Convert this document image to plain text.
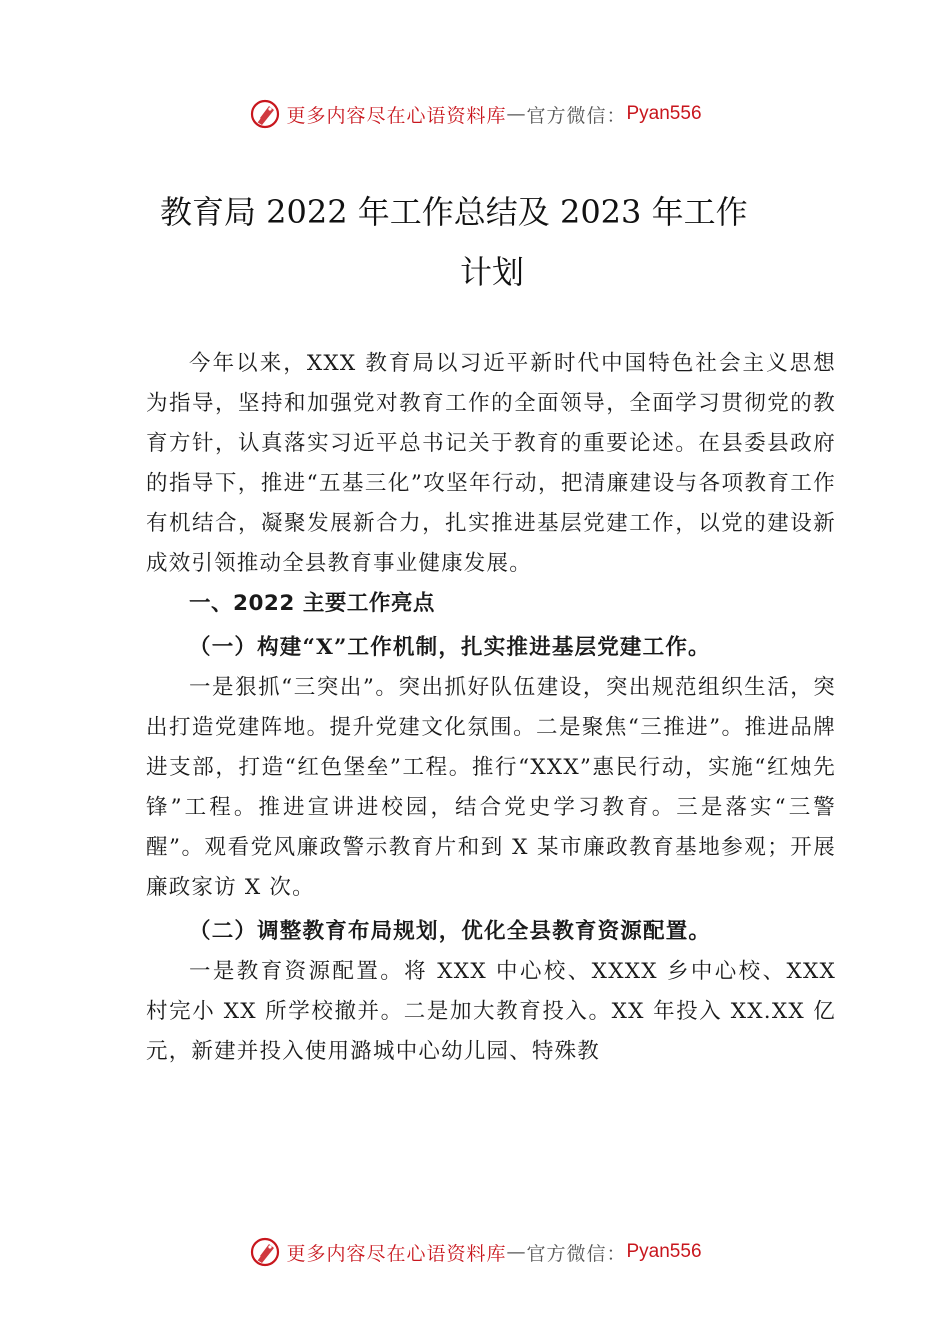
更多内容尽在心语资料库 — 官方微信： Pyan556
教育局 2022 年工作总结及 2023 年工作
计划

今年以来，XXX 教育局以习近平新时代中国特色社会主义思想为指导，坚持和加强党对教育工作的全面领导，全面学习贯彻党的教育方针，认真落实习近平总书记关于教育的重要论述。在县委县政府的指导下，推进“五基三化”攻坚年行动，把清廉建设与各项教育工作有机结合，凝聚发展新合力，扎实推进基层党建工作，以党的建设新成效引领推动全县教育事业健康发展。

一、2022 主要工作亮点

（一）构建“X”工作机制，扎实推进基层党建工作。

一是狠抓“三突出”。突出抓好队伍建设，突出规范组织生活，突出打造党建阵地。提升党建文化氛围。二是聚焦“三推进”。推进品牌进支部，打造“红色堡垒”工程。推行“XXX”惠民行动，实施“红烛先锋”工程。推进宣讲进校园，结合党史学习教育。三是落实“三警醒”。观看党风廉政警示教育片和到 X 某市廉政教育基地参观；开展廉政家访 X 次。

（二）调整教育布局规划，优化全县教育资源配置。

一是教育资源配置。将 XXX 中心校、XXXX 乡中心校、XXX 村完小 XX 所学校撤并。二是加大教育投入。XX 年投入 XX.XX 亿元，新建并投入使用潞城中心幼儿园、特殊教

更多内容尽在心语资料库 — 官方微信： Pyan556
